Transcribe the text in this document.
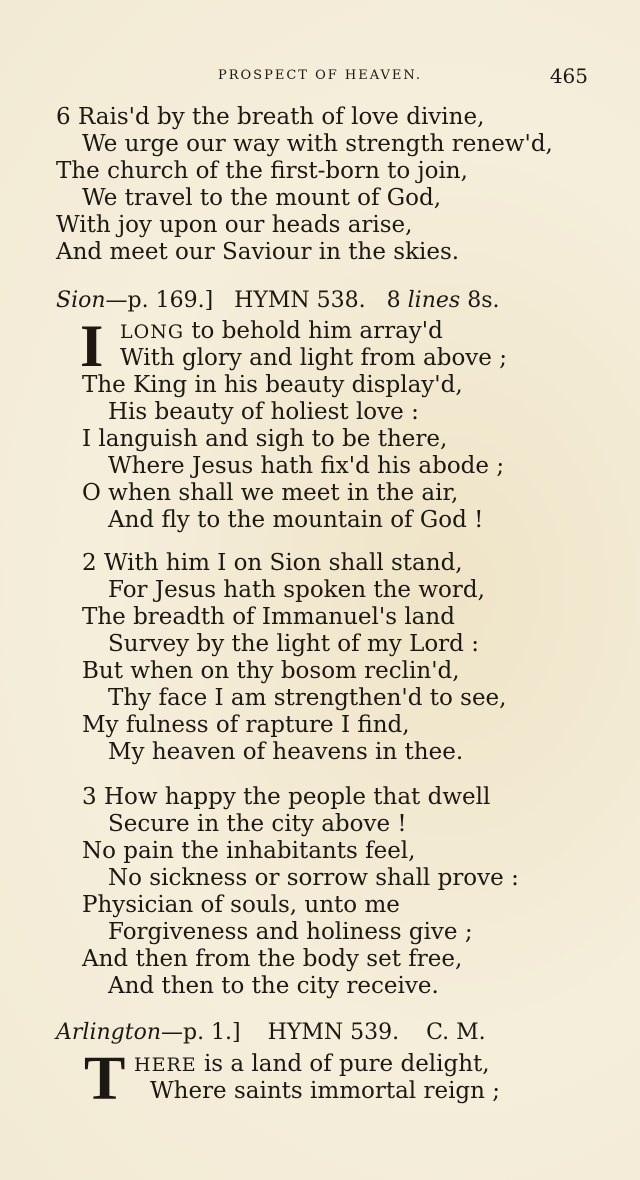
PROSPECT OF HEAVEN.	465
6 Rais'd by the breath of love divine,
We urge our way with strength renew'd,
The church of the first-born to join,
We travel to the mount of God,
With joy upon our heads arise,
And meet our Saviour in the skies.
Sion—p. 169.] HYMN 538. 8 lines 8s.
I LONG to behold him array'd
With glory and light from above ;
The King in his beauty display'd,
His beauty of holiest love :
I languish and sigh to be there,
Where Jesus hath fix'd his abode ;
O when shall we meet in the air,
And fly to the mountain of God !
2 With him I on Sion shall stand,
For Jesus hath spoken the word,
The breadth of Immanuel's land
Survey by the light of my Lord :
But when on thy bosom reclin'd,
Thy face I am strengthen'd to see,
My fulness of rapture I find,
My heaven of heavens in thee.
3 How happy the people that dwell
Secure in the city above !
No pain the inhabitants feel,
No sickness or sorrow shall prove :
Physician of souls, unto me
Forgiveness and holiness give ;
And then from the body set free,
And then to the city receive.
Arlington—p. 1.] HYMN 539. C. M.
T HERE is a land of pure delight,
Where saints immortal reign ;
